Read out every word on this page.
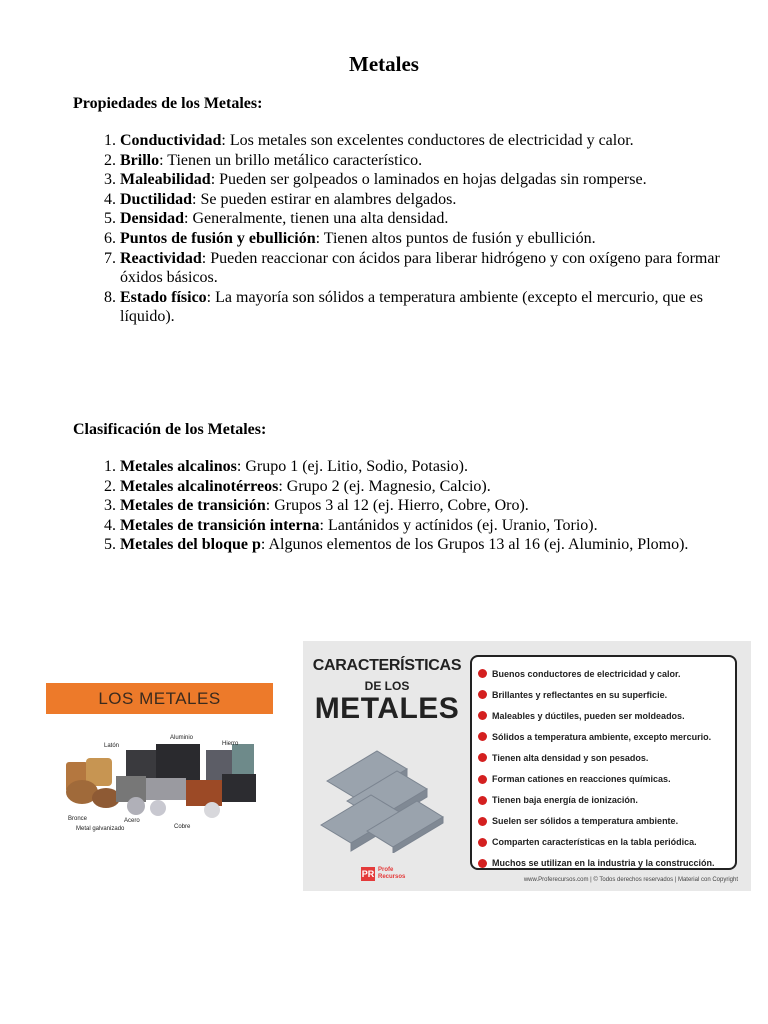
Metales
Propiedades de los Metales:
1. Conductividad: Los metales son excelentes conductores de electricidad y calor.
2. Brillo: Tienen un brillo metálico característico.
3. Maleabilidad: Pueden ser golpeados o laminados en hojas delgadas sin romperse.
4. Ductilidad: Se pueden estirar en alambres delgados.
5. Densidad: Generalmente, tienen una alta densidad.
6. Puntos de fusión y ebullición: Tienen altos puntos de fusión y ebullición.
7. Reactividad: Pueden reaccionar con ácidos para liberar hidrógeno y con oxígeno para formar óxidos básicos.
8. Estado físico: La mayoría son sólidos a temperatura ambiente (excepto el mercurio, que es líquido).
Clasificación de los Metales:
1. Metales alcalinos: Grupo 1 (ej. Litio, Sodio, Potasio).
2. Metales alcalinotérreos: Grupo 2 (ej. Magnesio, Calcio).
3. Metales de transición: Grupos 3 al 12 (ej. Hierro, Cobre, Oro).
4. Metales de transición interna: Lantánidos y actínidos (ej. Uranio, Torio).
5. Metales del bloque p: Algunos elementos de los Grupos 13 al 16 (ej. Aluminio, Plomo).
LOS METALES
Latón
Aluminio
Hierro
Bronce	Acero
Cobre
Metal galvanizado
CARACTERÍSTICAS
DE LOS
METALES
Buenos conductores de electricidad y calor.
Brillantes y reflectantes en su superficie.
Maleables y dúctiles, pueden ser moldeados.
Sólidos a temperatura ambiente, excepto mercurio.
Tienen alta densidad y son pesados.
Forman cationes en reacciones químicas.
Tienen baja energía de ionización.
Suelen ser sólidos a temperatura ambiente.
Comparten características en la tabla periódica.
Muchos se utilizan en la industria y la construcción.
PR Profe
Recursos	www.Proferecursos.com | © Todos derechos reservados | Material con Copyright
